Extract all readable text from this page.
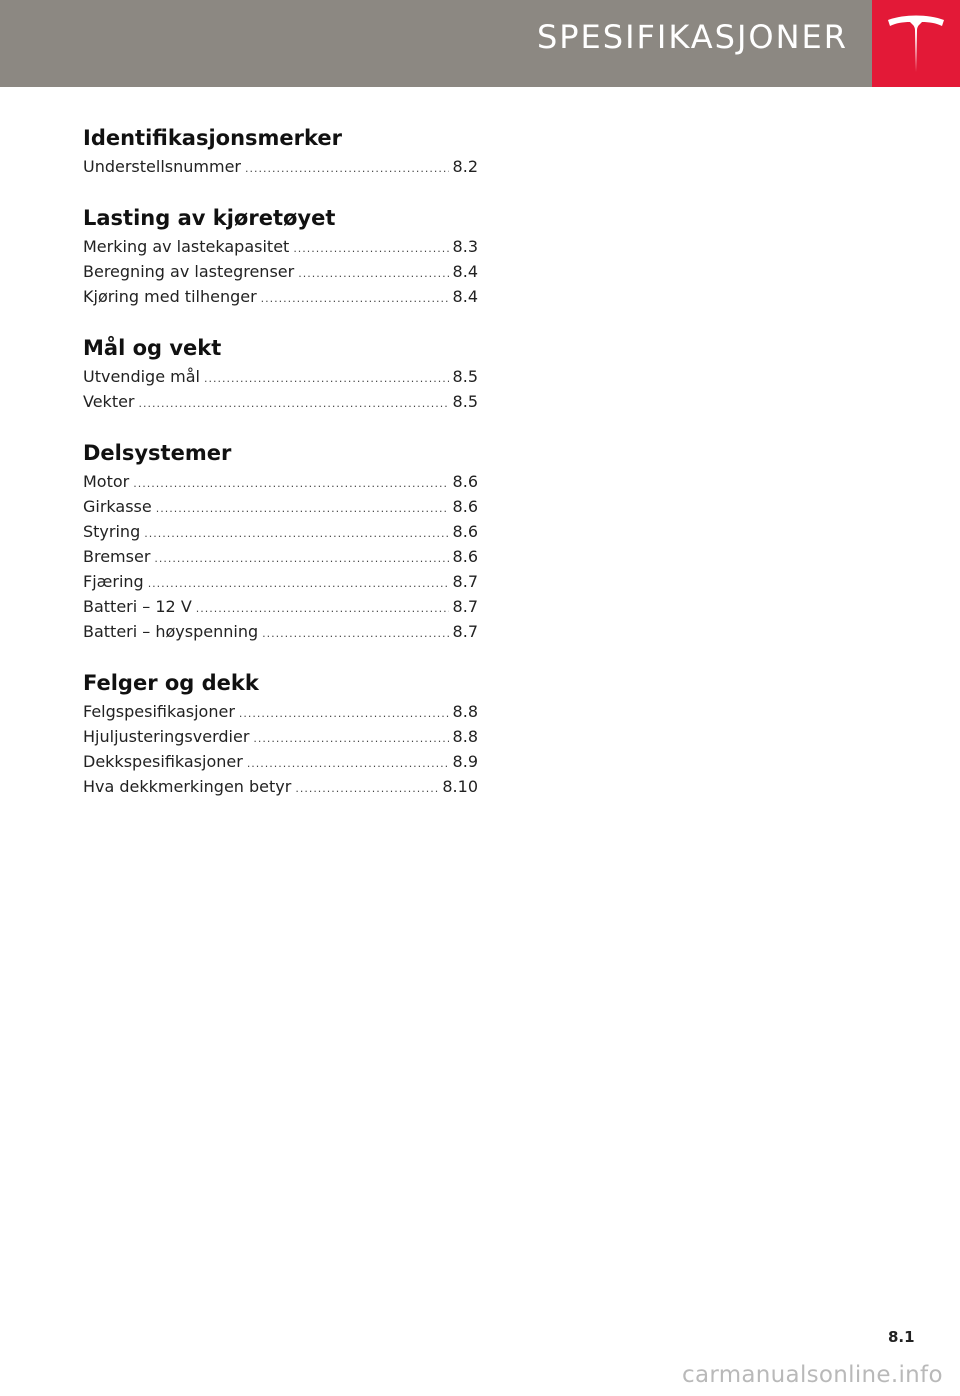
SPESIFIKASJONER
Identifikasjonsmerker
Understellsnummer .....	8.2
Lasting av kjøretøyet
Merking av lastekapasitet .....	8.3
Beregning av lastegrenser .....	8.4
Kjøring med tilhenger .....	8.4
Mål og vekt
Utvendige mål .....	8.5
Vekter .....	8.5
Delsystemer
Motor .....	8.6
Girkasse .....	8.6
Styring .....	8.6
Bremser .....	8.6
Fjæring .....	8.7
Batteri – 12 V .....	8.7
Batteri – høyspenning .....	8.7
Felger og dekk
Felgspesifikasjoner .....	8.8
Hjuljusteringsverdier .....	8.8
Dekkspesifikasjoner .....	8.9
Hva dekkmerkingen betyr .....	8.10
8.1
carmanualsonline.info
